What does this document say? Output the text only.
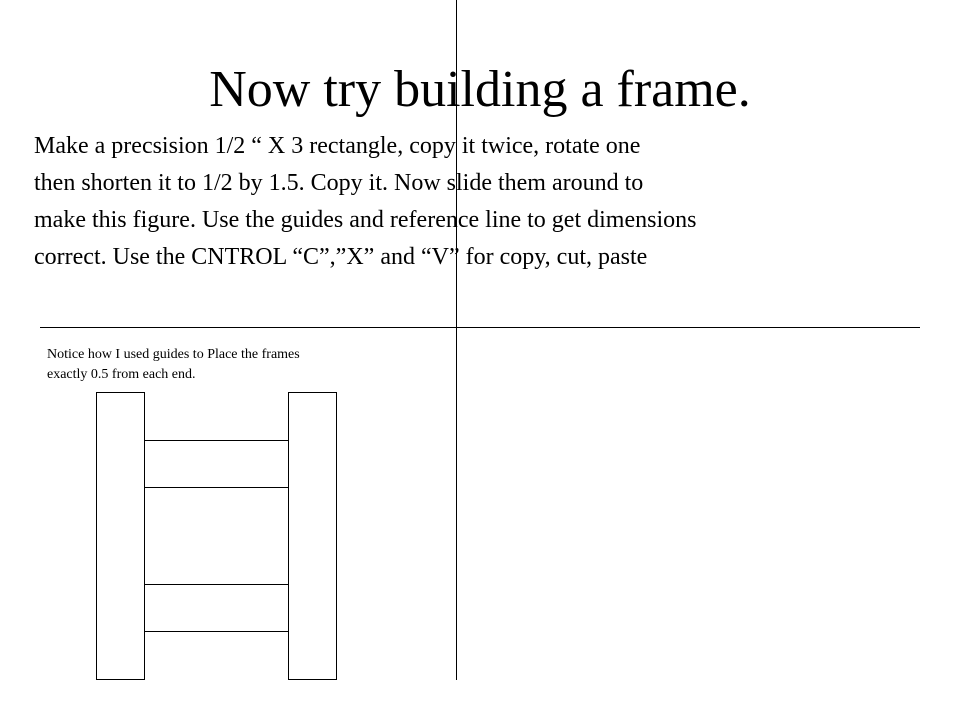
Now try building a frame.
Make a precsision 1/2 “ X 3 rectangle, copy it twice, rotate one
then shorten it to 1/2 by 1.5. Copy it. Now slide them around to
make this figure. Use the guides and reference line to get dimensions
correct. Use the CNTROL “C”,”X” and “V” for copy, cut, paste
Notice how I used guides to Place the frames
exactly 0.5 from each end.
